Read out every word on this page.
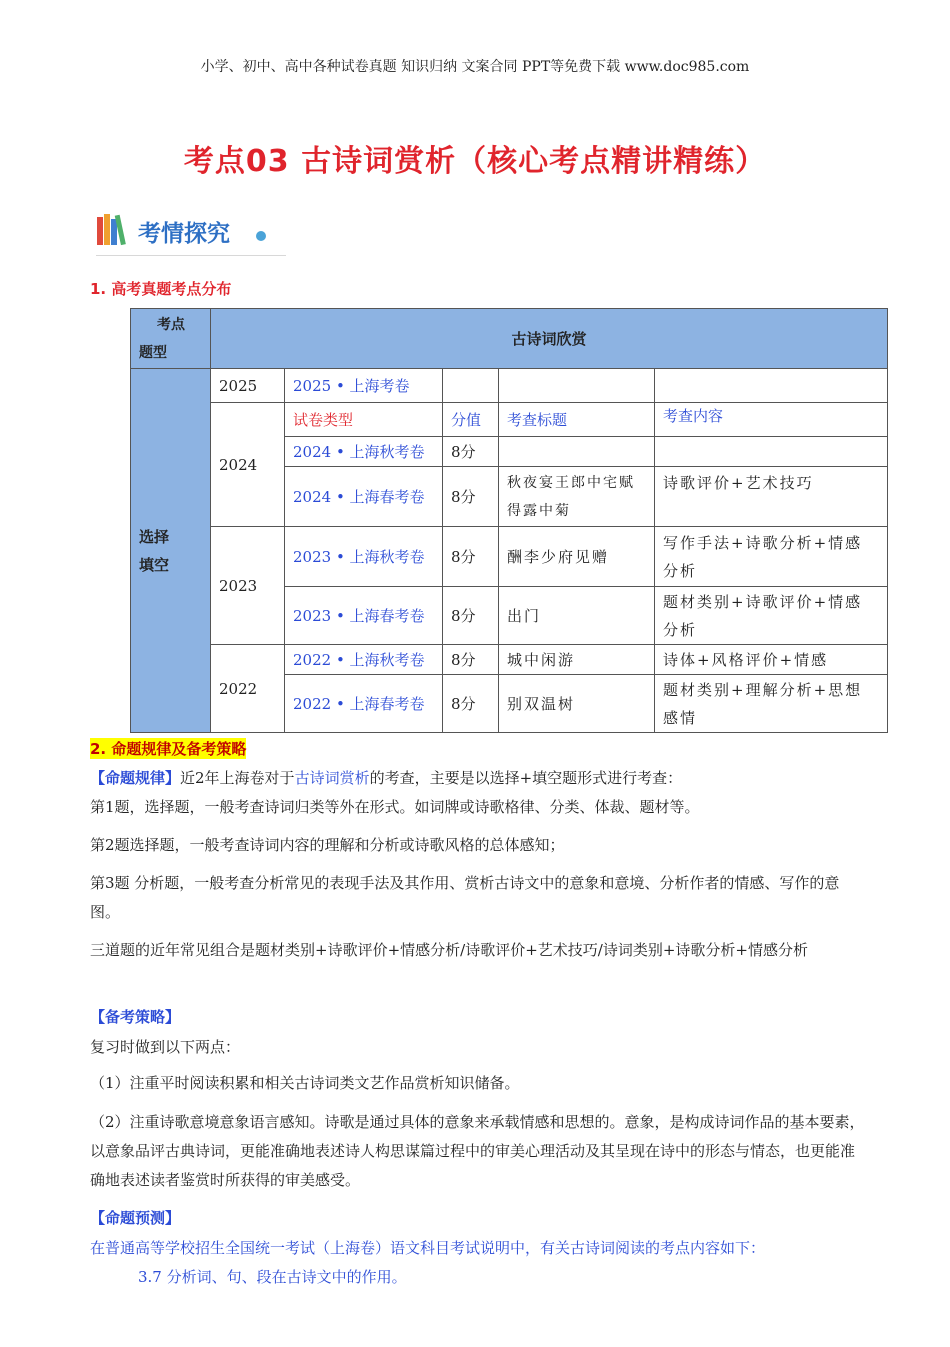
小学、初中、高中各种试卷真题 知识归纳 文案合同 PPT等免费下载 www.doc985.com
考点03 古诗词赏析（核心考点精讲精练）
考情探究
1. 高考真题考点分布
考点
题型	古诗词欣赏				

选择
填空	2025	2025 • 上海考卷			
	2024	试卷类型	分值	考查标题	考查内容
		2024 • 上海秋考卷	8分		
		2024 • 上海春考卷	8分	秋夜宴王郎中宅赋得露中菊	诗歌评价+艺术技巧
	2023	2023 • 上海秋考卷	8分	酬李少府见赠	写作手法+诗歌分析+情感分析
		2023 • 上海春考卷	8分	出门	题材类别+诗歌评价+情感分析
	2022	2022 • 上海秋考卷	8分	城中闲游	诗体+风格评价+情感
		2022 • 上海春考卷	8分	别双温树	题材类别+理解分析+思想感情
2. 命题规律及备考策略
【命题规律】近2年上海卷对于古诗词赏析的考查，主要是以选择+填空题形式进行考查：
第1题，选择题，一般考查诗词归类等外在形式。如词牌或诗歌格律、分类、体裁、题材等。
第2题选择题，一般考查诗词内容的理解和分析或诗歌风格的总体感知；
第3题 分析题，一般考查分析常见的表现手法及其作用、赏析古诗文中的意象和意境、分析作者的情感、写作的意图。
三道题的近年常见组合是题材类别+诗歌评价+情感分析/诗歌评价+艺术技巧/诗词类别+诗歌分析+情感分析
【备考策略】
复习时做到以下两点：
（1）注重平时阅读积累和相关古诗词类文艺作品赏析知识储备。
（2）注重诗歌意境意象语言感知。诗歌是通过具体的意象来承载情感和思想的。意象，是构成诗词作品的基本要素，以意象品评古典诗词，更能准确地表述诗人构思谋篇过程中的审美心理活动及其呈现在诗中的形态与情态，也更能准确地表述读者鉴赏时所获得的审美感受。
【命题预测】
在普通高等学校招生全国统一考试（上海卷）语文科目考试说明中，有关古诗词阅读的考点内容如下：
3.7 分析词、句、段在古诗文中的作用。
